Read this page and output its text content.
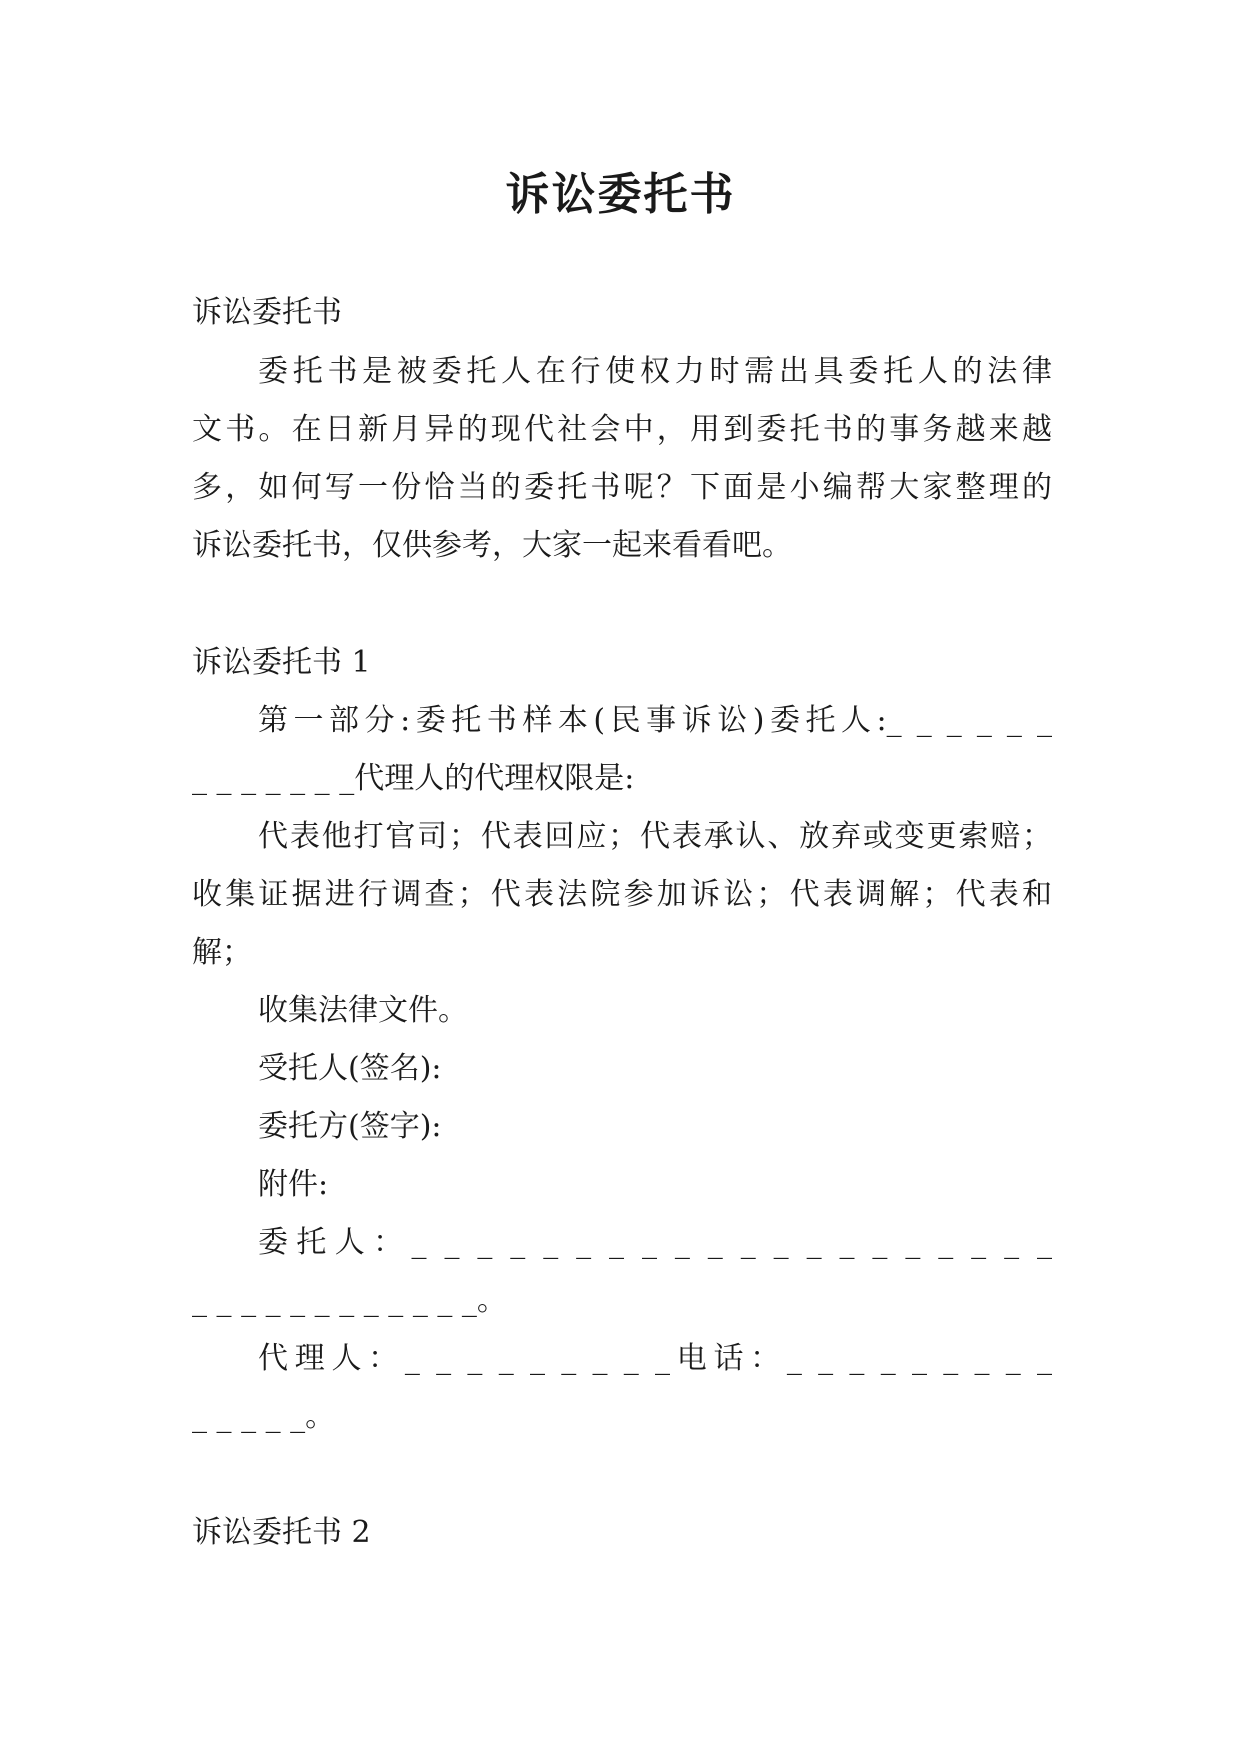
诉讼委托书
诉讼委托书
委托书是被委托人在行使权力时需出具委托人的法律
文书。在日新月异的现代社会中，用到委托书的事务越来越
多，如何写一份恰当的委托书呢？下面是小编帮大家整理的
诉讼委托书，仅供参考，大家一起来看看吧。
诉讼委托书 1
第一部分:委托书样本(民事诉讼)委托人:_ _ _ _ _ _
_ _ _ _ _ _ _代理人的代理权限是:
代表他打官司；代表回应；代表承认、放弃或变更索赔；
收集证据进行调查；代表法院参加诉讼；代表调解；代表和
解；
收集法律文件。
受托人(签名):
委托方(签字):
附件:
委托人：_ _ _ _ _ _ _ _ _ _ _ _ _ _ _ _ _ _ _ _
_ _ _ _ _ _ _ _ _ _ _ _。
代理人：_ _ _ _ _ _ _ _ _电话：_ _ _ _ _ _ _ _ _
_ _ _ _ _。
诉讼委托书 2
